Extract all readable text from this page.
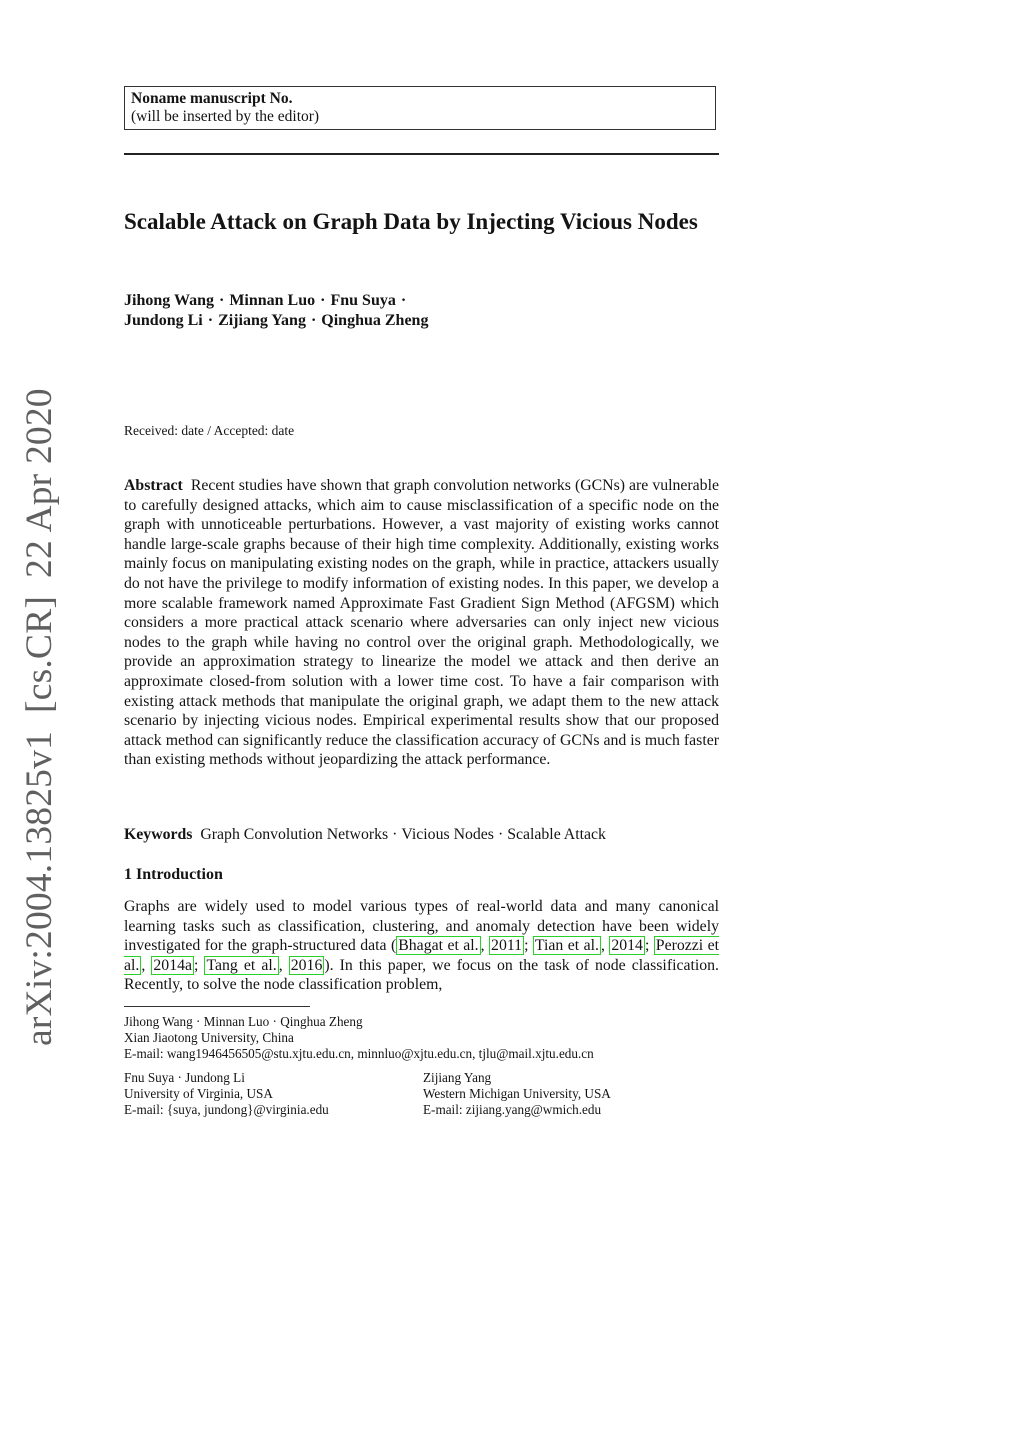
Noname manuscript No.
(will be inserted by the editor)
Scalable Attack on Graph Data by Injecting Vicious Nodes
Jihong Wang · Minnan Luo · Fnu Suya ·
Jundong Li · Zijiang Yang · Qinghua Zheng
Received: date / Accepted: date
Abstract Recent studies have shown that graph convolution networks (GCNs) are vulnerable to carefully designed attacks, which aim to cause misclassification of a specific node on the graph with unnoticeable perturbations. However, a vast majority of existing works cannot handle large-scale graphs because of their high time complexity. Additionally, existing works mainly focus on manipulating existing nodes on the graph, while in practice, attackers usually do not have the privilege to modify information of existing nodes. In this paper, we develop a more scalable framework named Approximate Fast Gradient Sign Method (AFGSM) which considers a more practical attack scenario where adversaries can only inject new vicious nodes to the graph while having no control over the original graph. Methodologically, we provide an approximation strategy to linearize the model we attack and then derive an approximate closed-from solution with a lower time cost. To have a fair comparison with existing attack methods that manipulate the original graph, we adapt them to the new attack scenario by injecting vicious nodes. Empirical experimental results show that our proposed attack method can significantly reduce the classification accuracy of GCNs and is much faster than existing methods without jeopardizing the attack performance.
Keywords Graph Convolution Networks · Vicious Nodes · Scalable Attack
1 Introduction
Graphs are widely used to model various types of real-world data and many canonical learning tasks such as classification, clustering, and anomaly detection have been widely investigated for the graph-structured data ( Bhagat et al. , 2011 ; Tian et al. , 2014 ; Perozzi et al. , 2014a ; Tang et al. , 2016 ). In this paper, we focus on the task of node classification. Recently, to solve the node classification problem,
Jihong Wang · Minnan Luo · Qinghua Zheng
Xian Jiaotong University, China
E-mail: wang1946456505@stu.xjtu.edu.cn, minnluo@xjtu.edu.cn, tjlu@mail.xjtu.edu.cn
Fnu Suya · Jundong Li
University of Virginia, USA
E-mail: {suya, jundong}@virginia.edu
Zijiang Yang
Western Michigan University, USA
E-mail: zijiang.yang@wmich.edu
arXiv:2004.13825v1[cs.CR]22 Apr 2020
